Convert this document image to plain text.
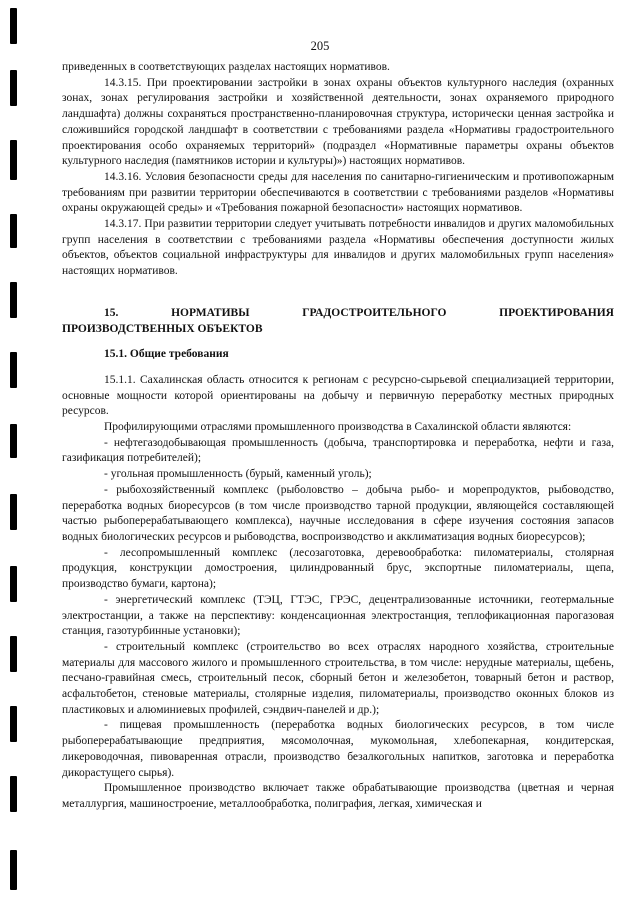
205

приведенных в соответствующих разделах настоящих нормативов.

14.3.15. При проектировании застройки в зонах охраны объектов культурного наследия (охранных зонах, зонах регулирования застройки и хозяйственной деятельности, зонах охраняемого природного ландшафта) должны сохраняться пространственно-планировочная структура, исторически ценная застройка и сложившийся городской ландшафт в соответствии с требованиями раздела «Нормативы градостроительного проектирования особо охраняемых территорий» (подраздел «Нормативные параметры охраны объектов культурного наследия (памятников истории и культуры)») настоящих нормативов.

14.3.16. Условия безопасности среды для населения по санитарно-гигиеническим и противопожарным требованиям при развитии территории обеспечиваются в соответствии с требованиями разделов «Нормативы охраны окружающей среды» и «Требования пожарной безопасности» настоящих нормативов.

14.3.17. При развитии территории следует учитывать потребности инвалидов и других маломобильных групп населения в соответствии с требованиями раздела «Нормативы обеспечения доступности жилых объектов, объектов социальной инфраструктуры для инвалидов и других маломобильных групп населения» настоящих нормативов.

15.	НОРМАТИВЫ	ГРАДОСТРОИТЕЛЬНОГО	ПРОЕКТИРОВАНИЯ
ПРОИЗВОДСТВЕННЫХ ОБЪЕКТОВ

15.1. Общие требования

15.1.1. Сахалинская область относится к регионам с ресурсно-сырьевой специализацией территории, основные мощности которой ориентированы на добычу и первичную переработку местных природных ресурсов.

Профилирующими отраслями промышленного производства в Сахалинской области являются:

- нефтегазодобывающая промышленность (добыча, транспортировка и переработка, нефти и газа, газификация потребителей);

- угольная промышленность (бурый, каменный уголь);

- рыбохозяйственный комплекс (рыболовство – добыча рыбо- и морепродуктов, рыбоводство, переработка водных биоресурсов (в том числе производство тарной продукции, являющейся составляющей частью рыбоперерабатывающего комплекса), научные исследования в сфере изучения состояния запасов водных биологических ресурсов и рыбоводства, воспроизводство и акклиматизация водных биоресурсов);

- лесопромышленный комплекс (лесозаготовка, деревообработка: пиломатериалы, столярная продукция, конструкции домостроения, цилиндрованный брус, экспортные пиломатериалы, щепа, производство бумаги, картона);

- энергетический комплекс (ТЭЦ, ГТЭС, ГРЭС, децентрализованные источники, геотермальные электростанции, а также на перспективу: конденсационная электростанция, теплофикационная парогазовая станция, газотурбинные установки);

- строительный комплекс (строительство во всех отраслях народного хозяйства, строительные материалы для массового жилого и промышленного строительства, в том числе: нерудные материалы, щебень, песчано-гравийная смесь, строительный песок, сборный бетон и железобетон, товарный бетон и раствор, асфальтобетон, стеновые материалы, столярные изделия, пиломатериалы, производство оконных блоков из пластиковых и алюминиевых профилей, сэндвич-панелей и др.);

- пищевая промышленность (переработка водных биологических ресурсов, в том числе рыбоперерабатывающие предприятия, мясомолочная, мукомольная, хлебопекарная, кондитерская, ликероводочная, пивоваренная отрасли, производство безалкогольных напитков, заготовка и переработка дикорастущего сырья).

Промышленное производство включает также обрабатывающие производства (цветная и черная металлургия, машиностроение, металлообработка, полиграфия, легкая, химическая и
